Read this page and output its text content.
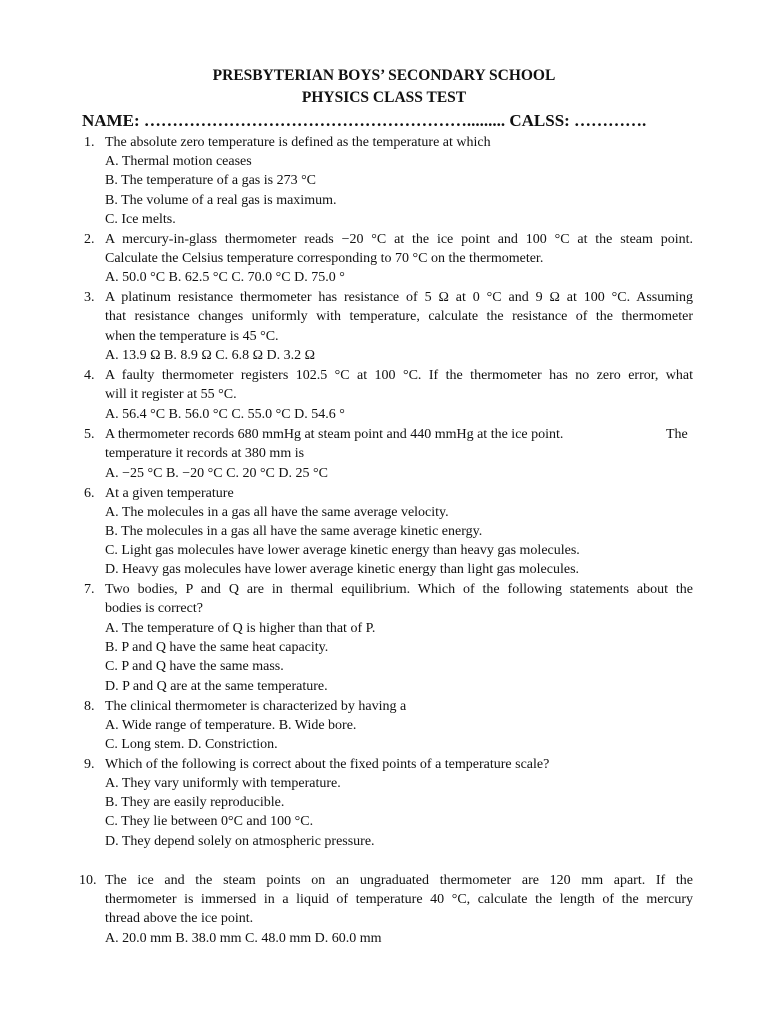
PRESBYTERIAN BOYS’ SECONDARY SCHOOL
PHYSICS CLASS TEST
NAME: …………………………………………………......... CALSS: ………….
1. The absolute zero temperature is defined as the temperature at which
A. Thermal motion ceases
B. The temperature of a gas is 273 °C
B. The volume of a real gas is maximum.
C. Ice melts.
2. A mercury-in-glass thermometer reads −20 °C at the ice point and 100 °C at the steam point.
Calculate the Celsius temperature corresponding to 70 °C on the thermometer.
A. 50.0 °C B. 62.5 °C C. 70.0 °C D. 75.0 °
3. A platinum resistance thermometer has resistance of 5 Ω at 0 °C and 9 Ω at 100 °C. Assuming
that resistance changes uniformly with temperature, calculate the resistance of the thermometer
when the temperature is 45 °C.
A. 13.9 Ω B. 8.9 Ω C. 6.8 Ω D. 3.2 Ω
4. A faulty thermometer registers 102.5 °C at 100 °C. If the thermometer has no zero error, what
will it register at 55 °C.
A. 56.4 °C B. 56.0 °C C. 55.0 °C D. 54.6 °
5. A thermometer records 680 mmHg at steam point and 440 mmHg at the ice point.	The
temperature it records at 380 mm is
A. −25 °C B. −20 °C C. 20 °C D. 25 °C
6. At a given temperature
A. The molecules in a gas all have the same average velocity.
B. The molecules in a gas all have the same average kinetic energy.
C. Light gas molecules have lower average kinetic energy than heavy gas molecules.
D. Heavy gas molecules have lower average kinetic energy than light gas molecules.
7. Two bodies, P and Q are in thermal equilibrium. Which of the following statements about the
bodies is correct?
A. The temperature of Q is higher than that of P.
B. P and Q have the same heat capacity.
C. P and Q have the same mass.
D. P and Q are at the same temperature.
8. The clinical thermometer is characterized by having a
A. Wide range of temperature. B. Wide bore.
C. Long stem. D. Constriction.
9. Which of the following is correct about the fixed points of a temperature scale?
A. They vary uniformly with temperature.
B. They are easily reproducible.
C. They lie between 0°C and 100 °C.
D. They depend solely on atmospheric pressure.
10. The ice and the steam points on an ungraduated thermometer are 120 mm apart. If the
thermometer is immersed in a liquid of temperature 40 °C, calculate the length of the mercury
thread above the ice point.
A. 20.0 mm B. 38.0 mm C. 48.0 mm D. 60.0 mm
